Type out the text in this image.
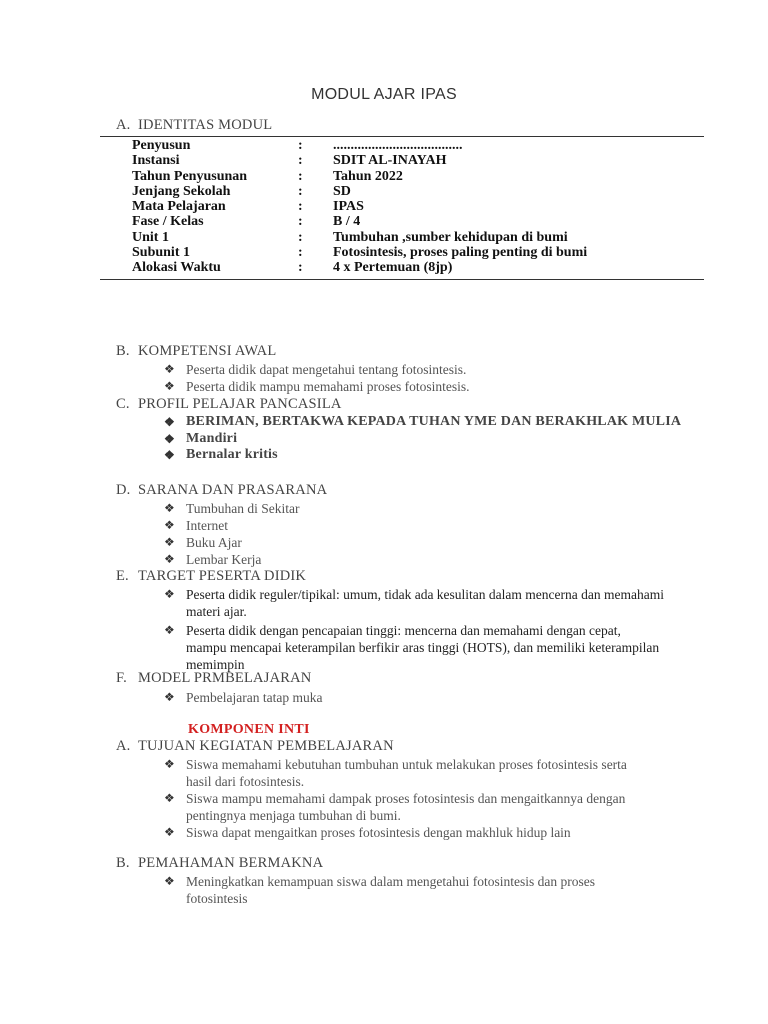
MODUL AJAR IPAS
A. IDENTITAS MODUL
Penyusun	:	.....................................
Instansi	:	SDIT AL-INAYAH
Tahun Penyusunan	:	Tahun 2022
Jenjang Sekolah	:	SD
Mata Pelajaran	:	IPAS
Fase / Kelas	:	B / 4
Unit 1	:	Tumbuhan ,sumber kehidupan di bumi
Subunit 1	:	Fotosintesis, proses paling penting di bumi
Alokasi Waktu	:	4 x Pertemuan (8jp)
B. KOMPETENSI AWAL
❖ Peserta didik dapat mengetahui tentang fotosintesis.
❖ Peserta didik mampu memahami proses fotosintesis.
C. PROFIL PELAJAR PANCASILA
❖ BERIMAN, BERTAKWA KEPADA TUHAN YME DAN BERAKHLAK MULIA
❖ Mandiri
❖ Bernalar kritis
D. SARANA DAN PRASARANA
❖ Tumbuhan di Sekitar
❖ Internet
❖ Buku Ajar
❖ Lembar Kerja
E. TARGET PESERTA DIDIK
❖ Peserta didik reguler/tipikal: umum, tidak ada kesulitan dalam mencerna dan memahami materi ajar.
❖ Peserta didik dengan pencapaian tinggi: mencerna dan memahami dengan cepat, mampu mencapai keterampilan berfikir aras tinggi (HOTS), dan memiliki keterampilan memimpin
F. MODEL PRMBELAJARAN
❖ Pembelajaran tatap muka
KOMPONEN INTI
A. TUJUAN KEGIATAN PEMBELAJARAN
❖ Siswa memahami kebutuhan tumbuhan untuk melakukan proses fotosintesis serta hasil dari fotosintesis.
❖ Siswa mampu memahami dampak proses fotosintesis dan mengaitkannya dengan pentingnya menjaga tumbuhan di bumi.
❖ Siswa dapat mengaitkan proses fotosintesis dengan makhluk hidup lain
B. PEMAHAMAN BERMAKNA
❖ Meningkatkan kemampuan siswa dalam mengetahui fotosintesis dan proses fotosintesis
